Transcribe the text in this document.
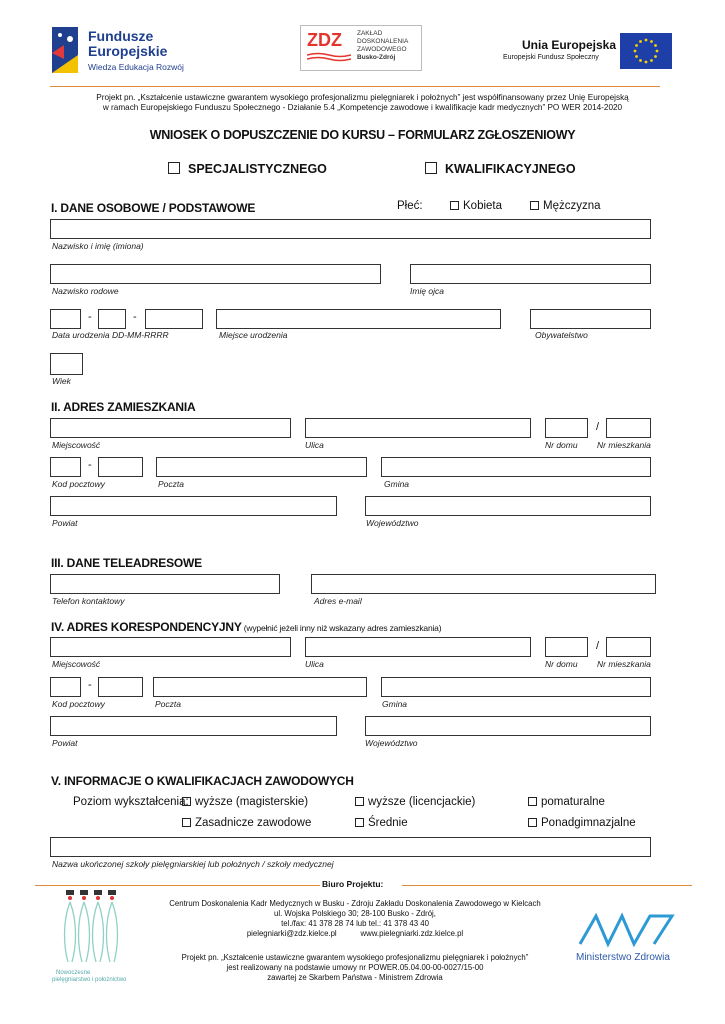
Fundusze
Europejskie
Wiedza Edukacja Rozwój
ZDZ ZAKŁAD
DOSKONALENIA
ZAWODOWEGO
Busko-Zdrój
Unia Europejska
Europejski Fundusz Społeczny
Projekt pn. „Kształcenie ustawiczne gwarantem wysokiego profesjonalizmu pielęgniarek i położnych” jest współfinansowany przez Unię Europejską
w ramach Europejskiego Funduszu Społecznego - Działanie 5.4 „Kompetencje zawodowe i kwalifikacje kadr medycznych” PO WER 2014-2020
WNIOSEK O DOPUSZCZENIE DO KURSU – FORMULARZ ZGŁOSZENIOWY
SPECJALISTYCZNEGO	KWALIFIKACYJNEGO
I. DANE OSOBOWE / PODSTAWOWE	Płeć:	Kobieta	Mężczyzna
Nazwisko i imię (imiona)
Nazwisko rodowe	Imię ojca
-	-
Data urodzenia DD-MM-RRRR	Miejsce urodzenia	Obywatelstwo
Wiek
II. ADRES ZAMIESZKANIA
Miejscowość	Ulica
/
Nr domu Nr mieszkania
-
Kod pocztowy	Poczta	Gmina
Powiat	Województwo
III. DANE TELEADRESOWE
Telefon kontaktowy	Adres e-mail
IV. ADRES KORESPONDENCYJNY (wypełnić jeżeli inny niż wskazany adres zamieszkania)
Miejscowość	Ulica
/
Nr domu Nr mieszkania
-
Kod pocztowy	Poczta	Gmina
Powiat	Województwo
V. INFORMACJE O KWALIFIKACJACH ZAWODOWYCH
Poziom wykształcenia: wyższe (magisterskie)	wyższe (licencjackie)	pomaturalne
Zasadnicze zawodowe	Średnie	Ponadgimnazjalne
Nazwa ukończonej szkoły pielęgniarskiej lub położnych / szkoły medycznej
Biuro Projektu:
Nowoczesne
pielęgniarstwo i położnictwo
Centrum Doskonalenia Kadr Medycznych w Busku - Zdroju Zakładu Doskonalenia Zawodowego w Kielcach
ul. Wojska Polskiego 30; 28-100 Busko - Zdrój,
tel./fax: 41 378 28 74 lub tel.: 41 378 43 40
pielegniarki@zdz.kielce.pl           www.pielegniarki.zdz.kielce.pl
Projekt pn. „Kształcenie ustawiczne gwarantem wysokiego profesjonalizmu pielęgniarek i położnych”
jest realizowany na podstawie umowy nr POWER.05.04.00-00-0027/15-00
zawartej ze Skarbem Państwa - Ministrem Zdrowia
Ministerstwo Zdrowia
